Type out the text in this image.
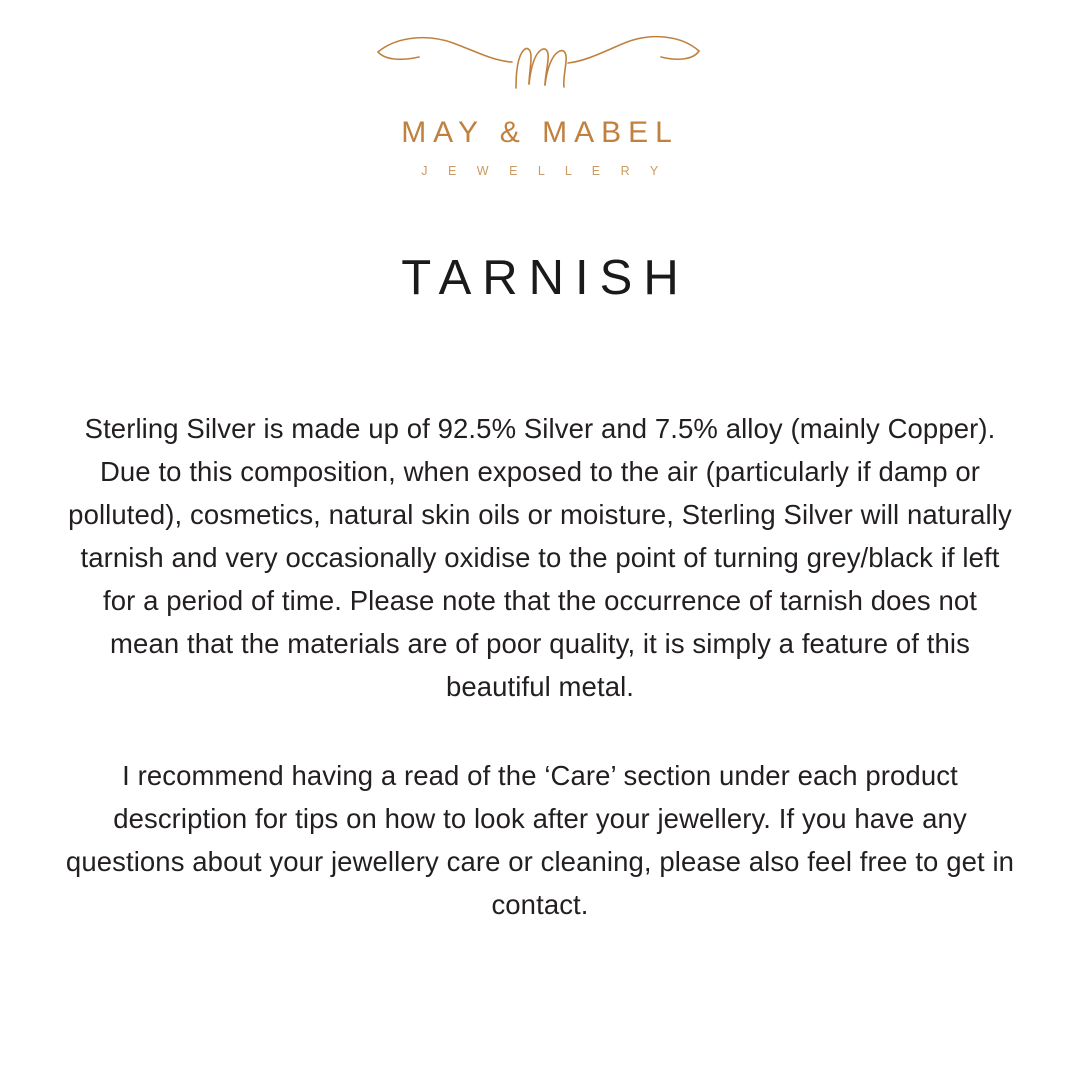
MAY & MABEL
J E W E L L E R Y
TARNISH

Sterling Silver is made up of 92.5% Silver and 7.5% alloy (mainly Copper). Due to this composition, when exposed to the air (particularly if damp or polluted), cosmetics, natural skin oils or moisture, Sterling Silver will naturally tarnish and very occasionally oxidise to the point of turning grey/black if left for a period of time. Please note that the occurrence of tarnish does not mean that the materials are of poor quality, it is simply a feature of this beautiful metal.

I recommend having a read of the ‘Care’ section under each product description for tips on how to look after your jewellery. If you have any questions about your jewellery care or cleaning, please also feel free to get in contact.
